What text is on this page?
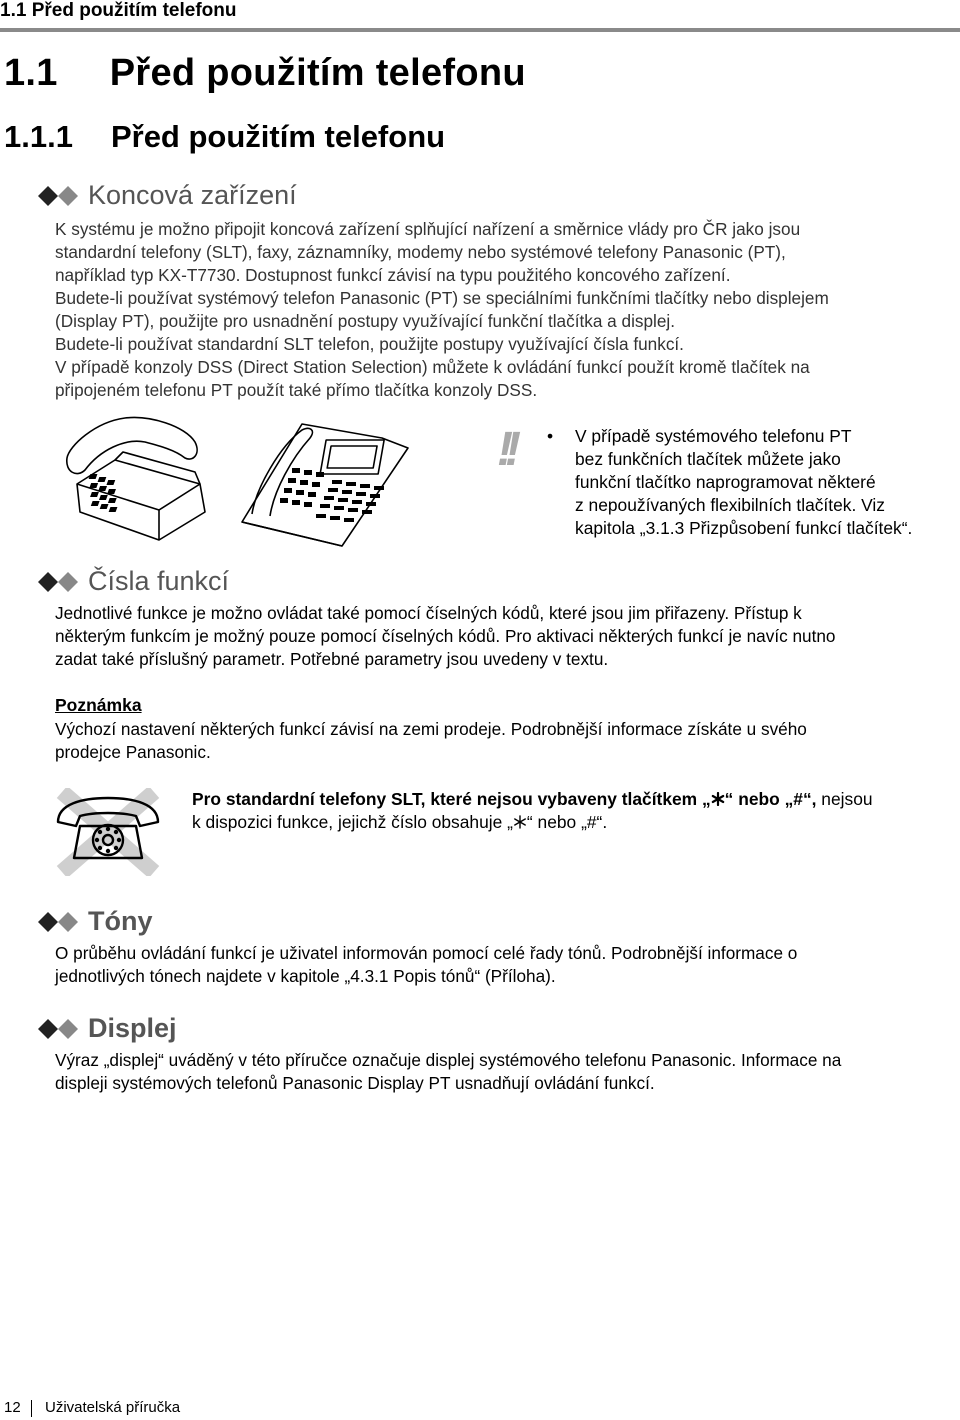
1.1 Před použitím telefonu
1.1 Před použitím telefonu
1.1.1 Před použitím telefonu
Koncová zařízení

K systému je možno připojit koncová zařízení splňující nařízení a směrnice vlády pro ČR jako jsou

standardní telefony (SLT), faxy, záznamníky, modemy nebo systémové telefony Panasonic (PT),

například typ KX-T7730. Dostupnost funkcí závisí na typu použitého koncového zařízení.

Budete-li používat systémový telefon Panasonic (PT) se speciálními funkčními tlačítky nebo displejem

(Display PT), použijte pro usnadnění postupy využívající funkční tlačítka a displej.

Budete-li používat standardní SLT telefon, použijte postupy využívající čísla funkcí.

V případě konzoly DSS (Direct Station Selection) můžete k ovládání funkcí použít kromě tlačítek na

připojeném telefonu PT použít také přímo tlačítka konzoly DSS.

!! • V případě systémového telefonu PT
bez funkčních tlačítek můžete jako
funkční tlačítko naprogramovat některé
z nepoužívaných flexibilních tlačítek. Viz
kapitola „3.1.3 Přizpůsobení funkcí tlačítek“.
Čísla funkcí

Jednotlivé funkce je možno ovládat také pomocí číselných kódů, které jsou jim přiřazeny. Přístup k

některým funkcím je možný pouze pomocí číselných kódů. Pro aktivaci některých funkcí je navíc nutno

zadat také příslušný parametr. Potřebné parametry jsou uvedeny v textu.

Poznámka

Výchozí nastavení některých funkcí závisí na zemi prodeje. Podrobnější informace získáte u svého

prodejce Panasonic.

Pro standardní telefony SLT, které nejsou vybaveny tlačítkem „ “ nebo „#“, nejsou
k dispozici funkce, jejichž číslo obsahuje „ “ nebo „#“.
Tóny

O průběhu ovládání funkcí je uživatel informován pomocí celé řady tónů. Podrobnější informace o

jednotlivých tónech najdete v kapitole „4.3.1 Popis tónů“ (Příloha).

Displej

Výraz „displej“ uváděný v této příručce označuje displej systémového telefonu Panasonic. Informace na

displeji systémových telefonů Panasonic Display PT usnadňují ovládání funkcí.

12 Uživatelská příručka
